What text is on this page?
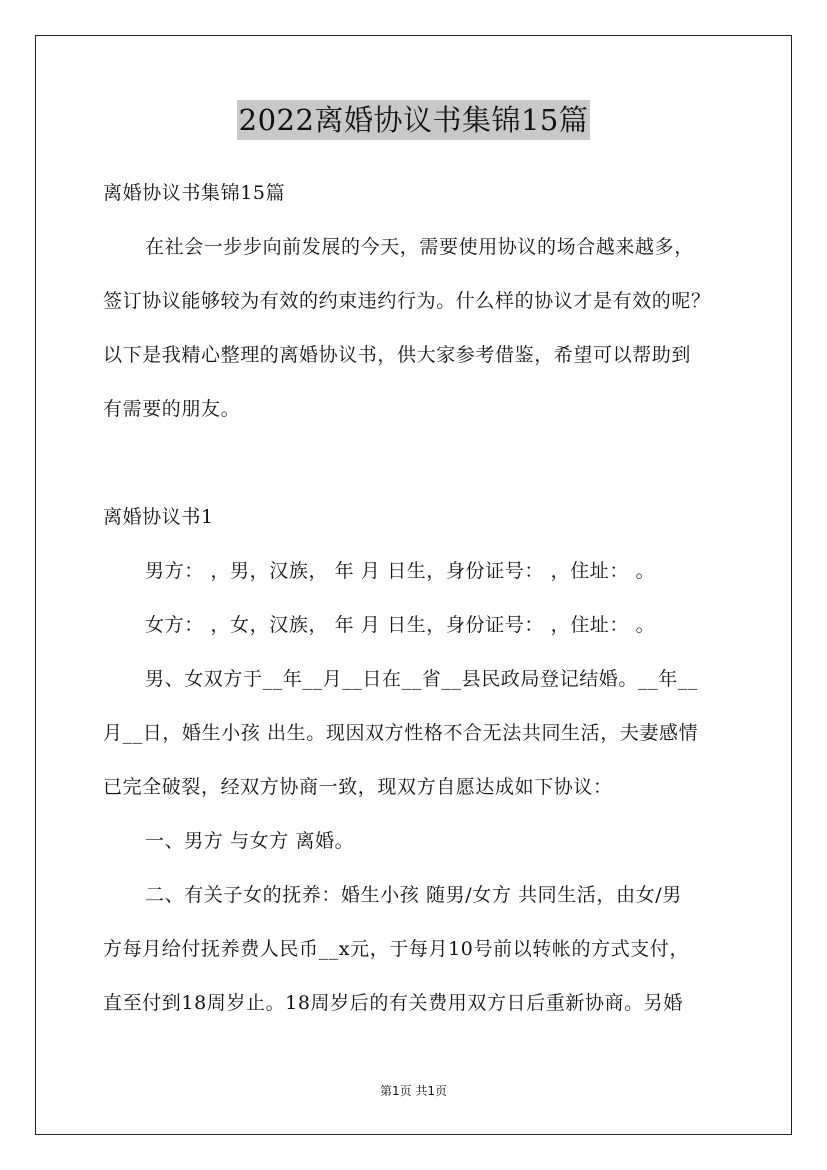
2022离婚协议书集锦15篇
离婚协议书集锦15篇
在社会一步步向前发展的今天，需要使用协议的场合越来越多，
签订协议能够较为有效的约束违约行为。什么样的协议才是有效的呢？
以下是我精心整理的离婚协议书，供大家参考借鉴，希望可以帮助到
有需要的朋友。
离婚协议书1
男方： ，男，汉族， 年 月 日生，身份证号： ，住址： 。
女方： ，女，汉族， 年 月 日生，身份证号： ，住址： 。
男、女双方于__年__月__日在__省__县民政局登记结婚。__年__
月__日，婚生小孩 出生。现因双方性格不合无法共同生活，夫妻感情
已完全破裂，经双方协商一致，现双方自愿达成如下协议：
一、男方 与女方 离婚。
二、有关子女的抚养：婚生小孩 随男/女方 共同生活，由女/男
方每月给付抚养费人民币__x元，于每月10号前以转帐的方式支付，
直至付到18周岁止。18周岁后的有关费用双方日后重新协商。另婚
第1页 共1页
